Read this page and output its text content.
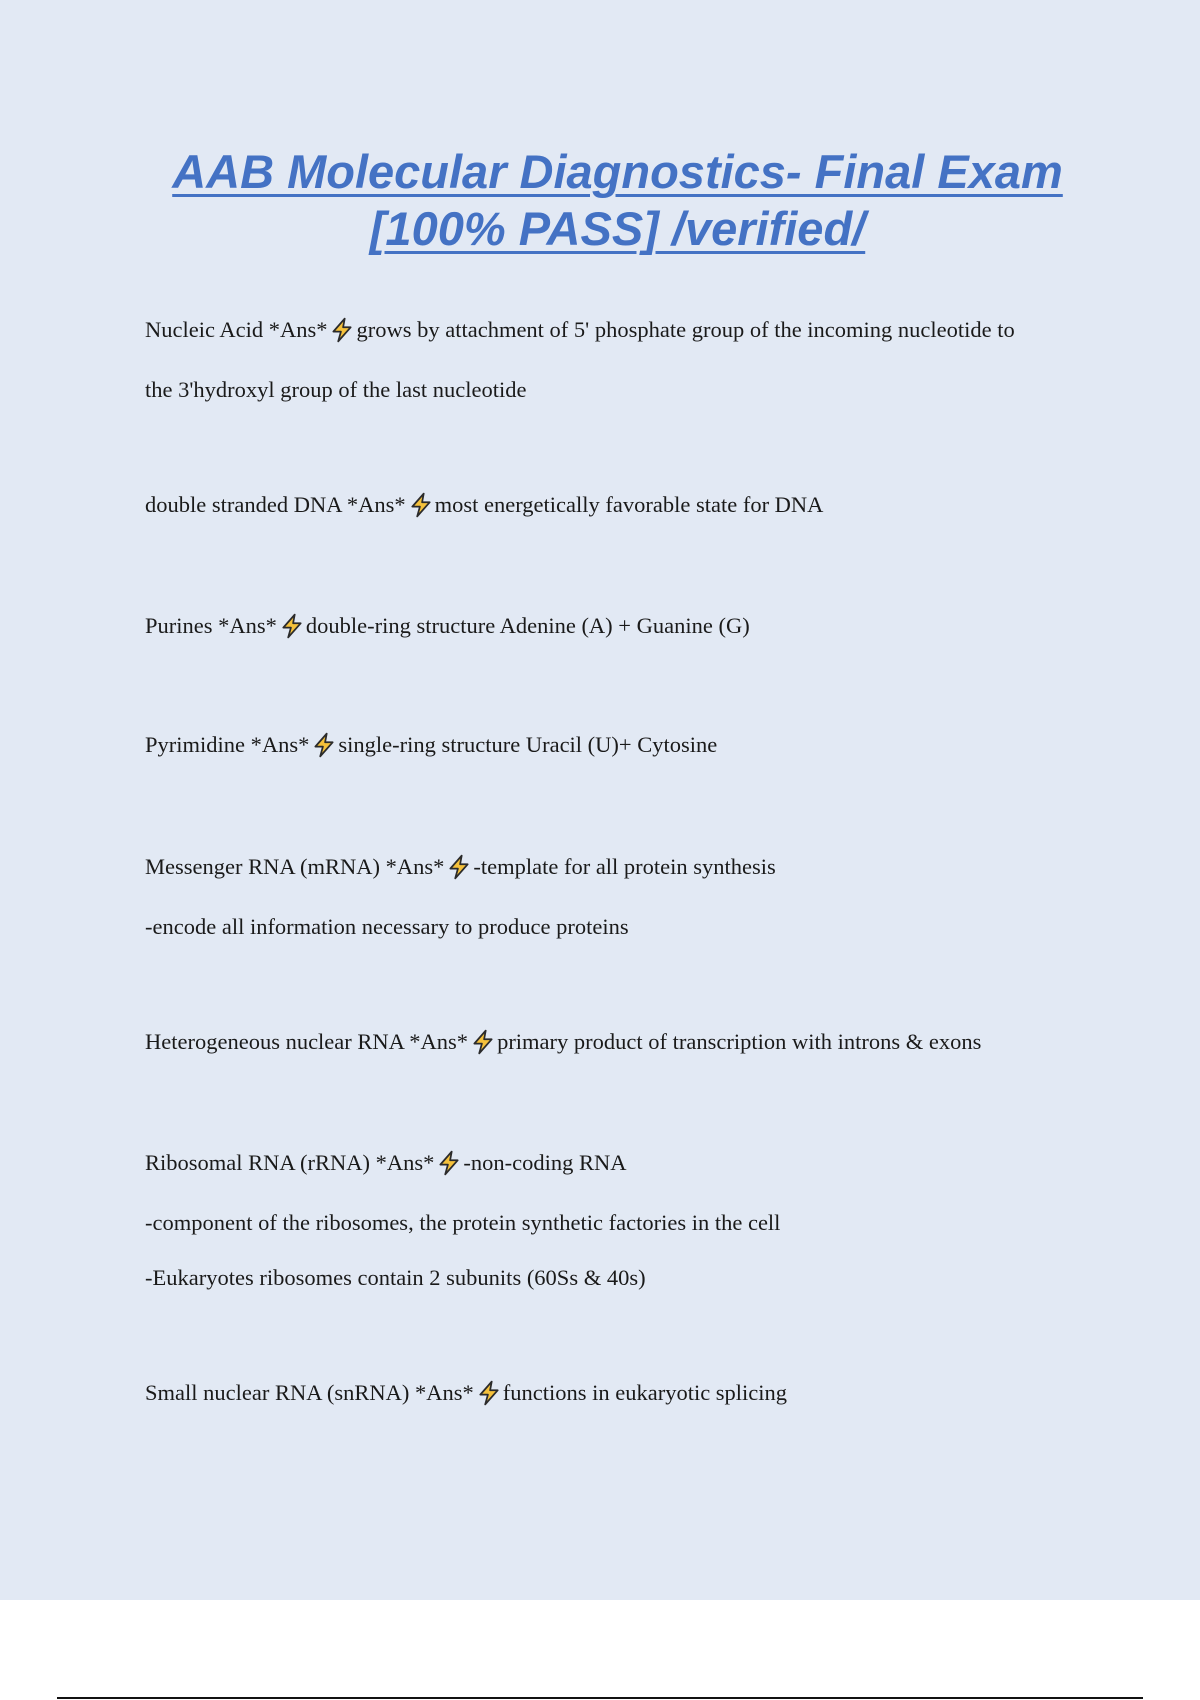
AAB Molecular Diagnostics- Final Exam
[100% PASS] /verified/
Nucleic Acid *Ans* grows by attachment of 5' phosphate group of the incoming nucleotide to
the 3'hydroxyl group of the last nucleotide
double stranded DNA *Ans* most energetically favorable state for DNA
Purines *Ans* double-ring structure Adenine (A) + Guanine (G)
Pyrimidine *Ans* single-ring structure Uracil (U)+ Cytosine
Messenger RNA (mRNA) *Ans* -template for all protein synthesis
-encode all information necessary to produce proteins
Heterogeneous nuclear RNA *Ans* primary product of transcription with introns & exons
Ribosomal RNA (rRNA) *Ans* -non-coding RNA
-component of the ribosomes, the protein synthetic factories in the cell
-Eukaryotes ribosomes contain 2 subunits (60Ss & 40s)
Small nuclear RNA (snRNA) *Ans* functions in eukaryotic splicing
